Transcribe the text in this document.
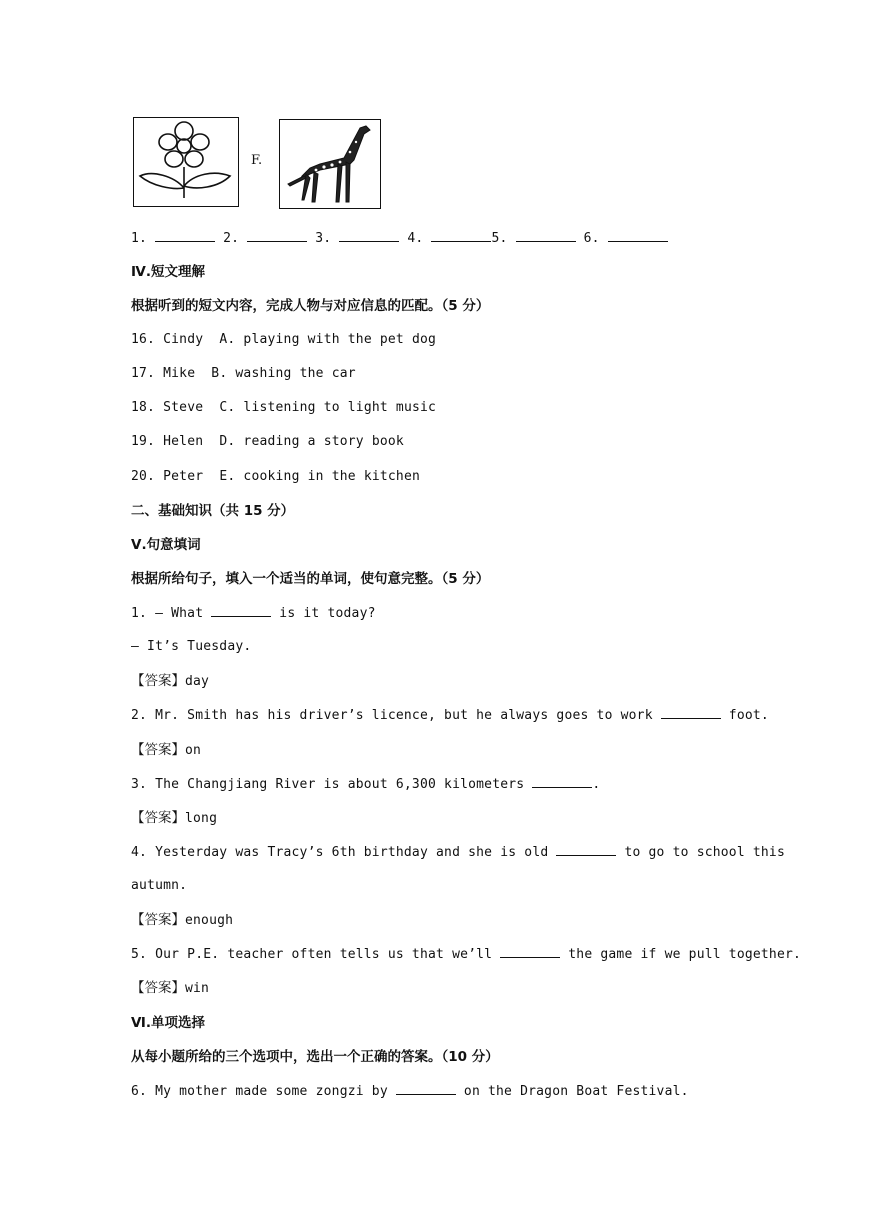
F.
1.	2.	3.	4.	5.	6.
Ⅳ.短文理解
根据听到的短文内容，完成人物与对应信息的匹配。（5 分）
16. Cindy A. playing with the pet dog
17. Mike B. washing the car
18. Steve C. listening to light music
19. Helen D. reading a story book
20. Peter E. cooking in the kitchen
二、基础知识（共 15 分）
Ⅴ.句意填词
根据所给句子，填入一个适当的单词，使句意完整。（5 分）
1. — What	is it today?
— It’s Tuesday.
【答案】day
2. Mr. Smith has his driver’s licence, but he always goes to work	foot.
【答案】on
3. The Changjiang River is about 6,300 kilometers	.
【答案】long
4. Yesterday was Tracy’s 6th birthday and she is old	to go to school this
autumn.
【答案】enough
5. Our P.E. teacher often tells us that we’ll	the game if we pull together.
【答案】win
Ⅵ.单项选择
从每小题所给的三个选项中，选出一个正确的答案。（10 分）
6. My mother made some zongzi by	on the Dragon Boat Festival.
